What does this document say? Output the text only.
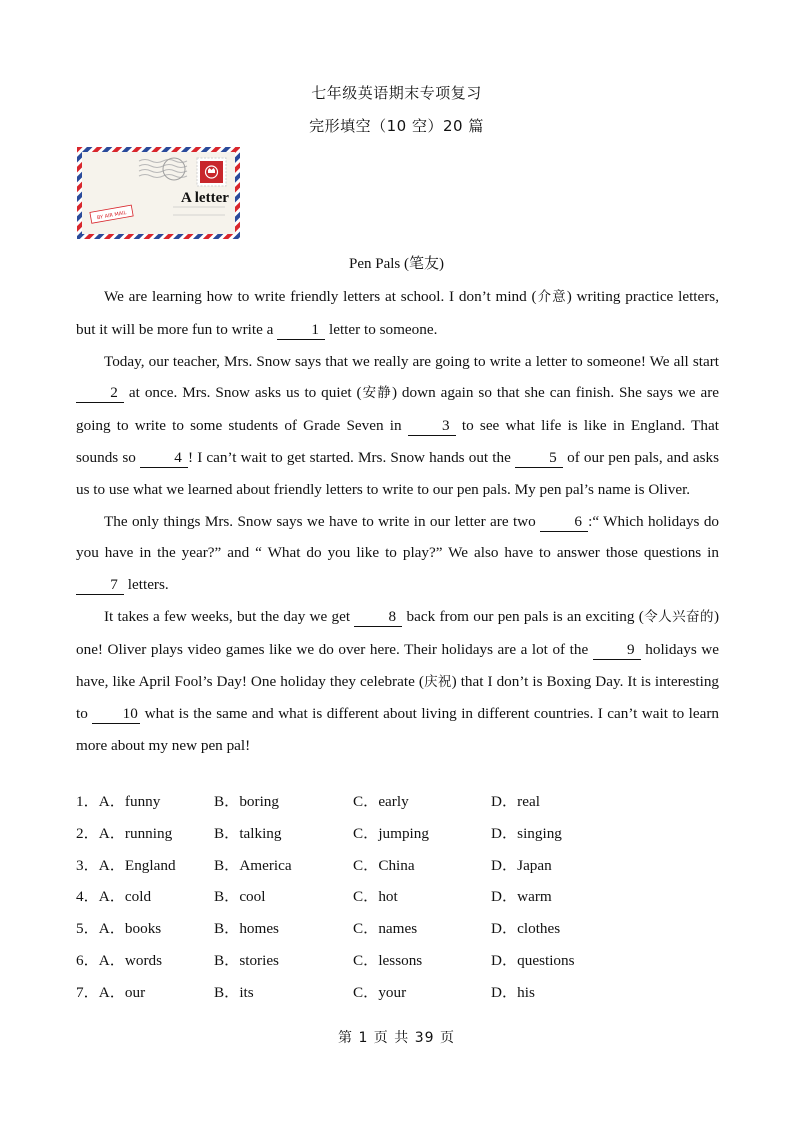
七年级英语期末专项复习
完形填空（10 空）20 篇
A letter
BY AIR MAIL
Pen Pals (笔友)

We are learning how to write friendly letters at school. I don’t mind (介意) writing practice letters, but it will be more fun to write a 1 letter to someone.

Today, our teacher, Mrs. Snow says that we really are going to write a letter to someone! We all start 2 at once. Mrs. Snow asks us to quiet (安静) down again so that she can finish. She says we are going to write to some students of Grade Seven in 3 to see what life is like in England. That sounds so 4 ! I can’t wait to get started. Mrs. Snow hands out the 5 of our pen pals, and asks us to use what we learned about friendly letters to write to our pen pals. My pen pal’s name is Oliver.

The only things Mrs. Snow says we have to write in our letter are two 6 :“ Which holidays do you have in the year?” and “ What do you like to play?” We also have to answer those questions in 7 letters.

It takes a few weeks, but the day we get 8 back from our pen pals is an exciting (令人兴奋的) one! Oliver plays video games like we do over here. Their holidays are a lot of the 9 holidays we have, like April Fool’s Day! One holiday they celebrate (庆祝) that I don’t is Boxing Day. It is interesting to 10 what is the same and what is different about living in different countries. I can’t wait to learn more about my new pen pal!

1．A．funny	B．boring	C．early	D．real
2．A．running	B．talking	C．jumping	D．singing
3．A．England	B．America	C．China	D．Japan
4．A．cold	B．cool	C．hot	D．warm
5．A．books	B．homes	C．names	D．clothes
6．A．words	B．stories	C．lessons	D．questions
7．A．our	B．its	C．your	D．his
第 1 页 共 39 页
